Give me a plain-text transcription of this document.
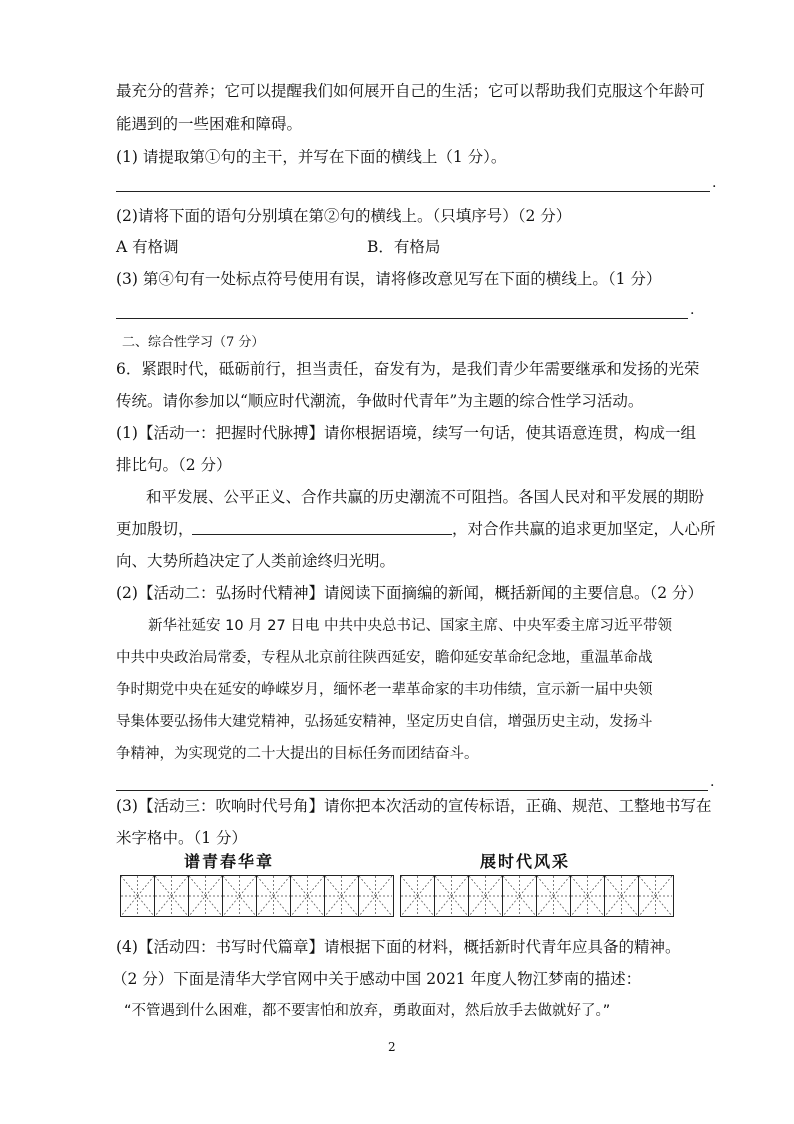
最充分的营养；它可以提醒我们如何展开自己的生活；它可以帮助我们克服这个年龄可
能遇到的一些困难和障碍。
(1) 请提取第①句的主干，并写在下面的横线上（1 分）。
.
(2)请将下面的语句分别填在第②句的横线上。（只填序号）（2 分）
A 有格调	B．有格局
(3) 第④句有一处标点符号使用有误，请将修改意见写在下面的横线上。（1 分）
.
二、综合性学习（7 分）
6．紧跟时代，砥砺前行，担当责任，奋发有为，是我们青少年需要继承和发扬的光荣
传统。请你参加以“顺应时代潮流，争做时代青年”为主题的综合性学习活动。
(1)【活动一：把握时代脉搏】请你根据语境，续写一句话，使其语意连贯，构成一组
排比句。（2 分）
和平发展、公平正义、合作共赢的历史潮流不可阻挡。各国人民对和平发展的期盼
更加殷切，	，对合作共赢的追求更加坚定，人心所
向、大势所趋决定了人类前途终归光明。
(2)【活动二：弘扬时代精神】请阅读下面摘编的新闻，概括新闻的主要信息。（2 分）
新华社延安 10 月 27 日电 中共中央总书记、国家主席、中央军委主席习近平带领
中共中央政治局常委，专程从北京前往陕西延安，瞻仰延安革命纪念地，重温革命战
争时期党中央在延安的峥嵘岁月，缅怀老一辈革命家的丰功伟绩，宣示新一届中央领
导集体要弘扬伟大建党精神，弘扬延安精神，坚定历史自信，增强历史主动，发扬斗
争精神，为实现党的二十大提出的目标任务而团结奋斗。
.
(3)【活动三：吹响时代号角】请你把本次活动的宣传标语，正确、规范、工整地书写在
米字格中。（1 分）
谱青春华章	展时代风采
(4)【活动四：书写时代篇章】请根据下面的材料，概括新时代青年应具备的精神。
（2 分）下面是清华大学官网中关于感动中国 2021 年度人物江梦南的描述：
“不管遇到什么困难，都不要害怕和放弃，勇敢面对，然后放手去做就好了。”
2
